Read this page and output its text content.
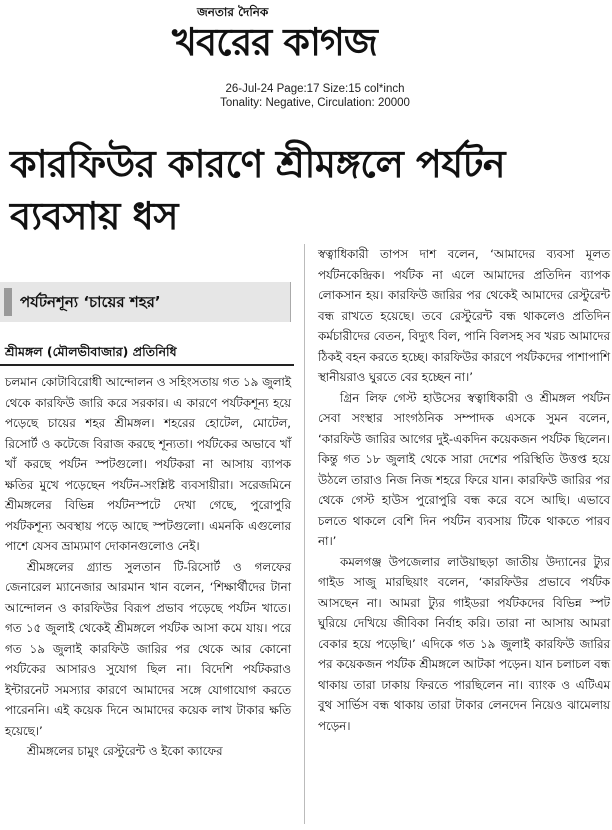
জনতার দৈনিক
খবরের কাগজ
26-Jul-24 Page:17 Size:15 col*inch
Tonality: Negative, Circulation: 20000
কারফিউর কারণে শ্রীমঙ্গলে পর্যটন ব্যবসায় ধস
পর্যটনশূন্য ‘চায়ের শহর’
শ্রীমঙ্গল (মৌলভীবাজার) প্রতিনিধি

চলমান কোটাবিরোধী আন্দোলন ও সহিংসতায় গত ১৯ জুলাই থেকে কারফিউ জারি করে সরকার। এ কারণে পর্যটকশূন্য হয়ে পড়েছে চায়ের শহর শ্রীমঙ্গল। শহরের হোটেল, মোটেল, রিসোর্ট ও কটেজে বিরাজ করছে শূন্যতা। পর্যটকের অভাবে খাঁ খাঁ করছে পর্যটন স্পটগুলো। পর্যটকরা না আসায় ব্যাপক ক্ষতির মুখে পড়েছেন পর্যটন-সংশ্লিষ্ট ব্যবসায়ীরা। সরেজমিনে শ্রীমঙ্গলের বিভিন্ন পর্যটনস্পটে দেখা গেছে, পুরোপুরি পর্যটকশূন্য অবস্থায় পড়ে আছে স্পটগুলো। এমনকি এগুলোর পাশে যেসব ভ্রাম্যমাণ দোকানগুলোও নেই।

শ্রীমঙ্গলের গ্র্যান্ড সুলতান টি-রিসোর্ট ও গলফের জেনারেল ম্যানেজার আরমান খান বলেন, ‘শিক্ষার্থীদের টানা আন্দোলন ও কারফিউর বিরূপ প্রভাব পড়েছে পর্যটন খাতে। গত ১৫ জুলাই থেকেই শ্রীমঙ্গলে পর্যটক আসা কমে যায়। পরে গত ১৯ জুলাই কারফিউ জারির পর থেকে আর কোনো পর্যটকের আসারও সুযোগ ছিল না। বিদেশি পর্যটকরাও ইন্টারনেট সমস্যার কারণে আমাদের সঙ্গে যোগাযোগ করতে পারেননি। এই কয়েক দিনে আমাদের কয়েক লাখ টাকার ক্ষতি হয়েছে।’

শ্রীমঙ্গলের চামুং রেস্টুরেন্ট ও ইকো ক্যাফের

স্বত্বাধিকারী তাপস দাশ বলেন, ‘আমাদের ব্যবসা মূলত পর্যটনকেন্দ্রিক। পর্যটক না এলে আমাদের প্রতিদিন ব্যাপক লোকসান হয়। কারফিউ জারির পর থেকেই আমাদের রেস্টুরেন্ট বন্ধ রাখতে হয়েছে। তবে রেস্টুরেন্ট বন্ধ থাকলেও প্রতিদিন কর্মচারীদের বেতন, বিদ্যুৎ বিল, পানি বিলসহ সব খরচ আমাদের ঠিকই বহন করতে হচ্ছে। কারফিউর কারণে পর্যটকদের পাশাপাশি স্থানীয়রাও ঘুরতে বের হচ্ছেন না।’

গ্রিন লিফ গেস্ট হাউসের স্বত্বাধিকারী ও শ্রীমঙ্গল পর্যটন সেবা সংস্থার সাংগঠনিক সম্পাদক এসকে সুমন বলেন, ‘কারফিউ জারির আগের দুই-একদিন কয়েকজন পর্যটক ছিলেন। কিন্তু গত ১৮ জুলাই থেকে সারা দেশের পরিস্থিতি উত্তপ্ত হয়ে উঠলে তারাও নিজ নিজ শহরে ফিরে যান। কারফিউ জারির পর থেকে গেস্ট হাউস পুরোপুরি বন্ধ করে বসে আছি। এভাবে চলতে থাকলে বেশি দিন পর্যটন ব্যবসায় টিকে থাকতে পারব না।’

কমলগঞ্জ উপজেলার লাউয়াছড়া জাতীয় উদ্যানের ট্যুর গাইড সাজু মারছিয়াং বলেন, ‘কারফিউর প্রভাবে পর্যটক আসছেন না। আমরা ট্যুর গাইডরা পর্যটকদের বিভিন্ন স্পট ঘুরিয়ে দেখিয়ে জীবিকা নির্বাহ করি। তারা না আসায় আমরা বেকার হয়ে পড়েছি।’ এদিকে গত ১৯ জুলাই কারফিউ জারির পর কয়েকজন পর্যটক শ্রীমঙ্গলে আটকা পড়েন। যান চলাচল বন্ধ থাকায় তারা ঢাকায় ফিরতে পারছিলেন না। ব্যাংক ও এটিএম বুথ সার্ভিস বন্ধ থাকায় তারা টাকার লেনদেন নিয়েও ঝামেলায় পড়েন।
